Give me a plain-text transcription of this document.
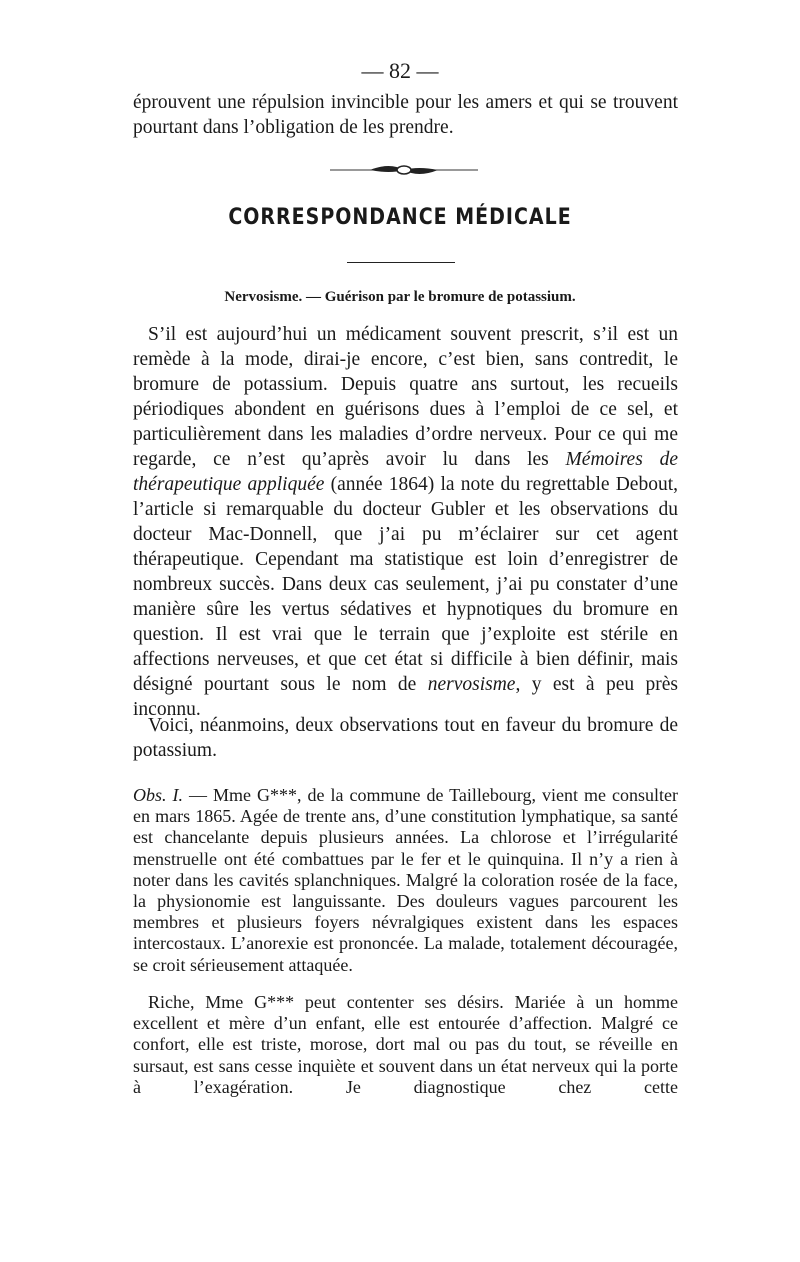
— 82 —

éprouvent une répulsion invincible pour les amers et qui se trouvent pourtant dans l’obligation de les prendre.

CORRESPONDANCE MÉDICALE
Nervosisme. — Guérison par le bromure de potassium.

S’il est aujourd’hui un médicament souvent prescrit, s’il est un remède à la mode, dirai-je encore, c’est bien, sans contredit, le bromure de potassium. Depuis quatre ans surtout, les recueils périodiques abondent en guérisons dues à l’emploi de ce sel, et particulièrement dans les maladies d’ordre nerveux. Pour ce qui me regarde, ce n’est qu’après avoir lu dans les Mémoires de thérapeutique appliquée (année 1864) la note du regrettable Debout, l’article si remarquable du docteur Gubler et les observations du docteur Mac-Donnell, que j’ai pu m’éclairer sur cet agent thérapeutique. Cependant ma statistique est loin d’enregistrer de nombreux succès. Dans deux cas seulement, j’ai pu constater d’une manière sûre les vertus sédatives et hypnotiques du bromure en question. Il est vrai que le terrain que j’exploite est stérile en affections nerveuses, et que cet état si difficile à bien définir, mais désigné pourtant sous le nom de nervosisme, y est à peu près inconnu.

Voici, néanmoins, deux observations tout en faveur du bromure de potassium.

Obs. I. — Mme G***, de la commune de Taillebourg, vient me consulter en mars 1865. Agée de trente ans, d’une constitution lymphatique, sa santé est chancelante depuis plusieurs années. La chlorose et l’irrégularité menstruelle ont été combattues par le fer et le quinquina. Il n’y a rien à noter dans les cavités splanchniques. Malgré la coloration rosée de la face, la physionomie est languissante. Des douleurs vagues parcourent les membres et plusieurs foyers névralgiques existent dans les espaces intercostaux. L’anorexie est prononcée. La malade, totalement découragée, se croit sérieusement attaquée.

Riche, Mme G*** peut contenter ses désirs. Mariée à un homme excellent et mère d’un enfant, elle est entourée d’affection. Malgré ce confort, elle est triste, morose, dort mal ou pas du tout, se réveille en sursaut, est sans cesse inquiète et souvent dans un état nerveux qui la porte à l’exagération. Je diagnostique chez cette
